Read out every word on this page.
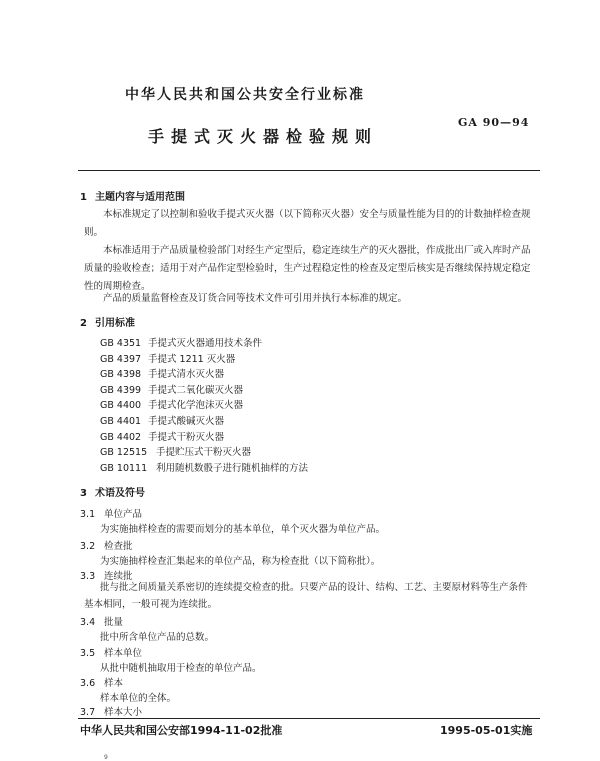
中华人民共和国公共安全行业标准
手提式灭火器检验规则
GA 90—94
1 主题内容与适用范围
本标准规定了以控制和验收手提式灭火器（以下简称灭火器）安全与质量性能为目的的计数抽样检查规则。
本标准适用于产品质量检验部门对经生产定型后，稳定连续生产的灭火器批，作成批出厂或入库时产品质量的验收检查；适用于对产品作定型检验时，生产过程稳定性的检查及定型后核实是否继续保持规定稳定性的周期检查。
产品的质量监督检查及订货合同等技术文件可引用并执行本标准的规定。
2 引用标准
GB 4351 手提式灭火器通用技术条件
GB 4397 手提式 1211 灭火器
GB 4398 手提式清水灭火器
GB 4399 手提式二氧化碳灭火器
GB 4400 手提式化学泡沫灭火器
GB 4401 手提式酸碱灭火器
GB 4402 手提式干粉灭火器
GB 12515 手提贮压式干粉灭火器
GB 10111 利用随机数骰子进行随机抽样的方法
3 术语及符号
3.1 单位产品
为实施抽样检查的需要而划分的基本单位，单个灭火器为单位产品。
3.2 检查批
为实施抽样检查汇集起来的单位产品，称为检查批（以下简称批）。
3.3 连续批
批与批之间质量关系密切的连续提交检查的批。只要产品的设计、结构、工艺、主要原材料等生产条件基本相同，一般可视为连续批。
3.4 批量
批中所含单位产品的总数。
3.5 样本单位
从批中随机抽取用于检查的单位产品。
3.6 样本
样本单位的全体。
3.7 样本大小
中华人民共和国公安部1994-11-02批准	1995-05-01实施
9
